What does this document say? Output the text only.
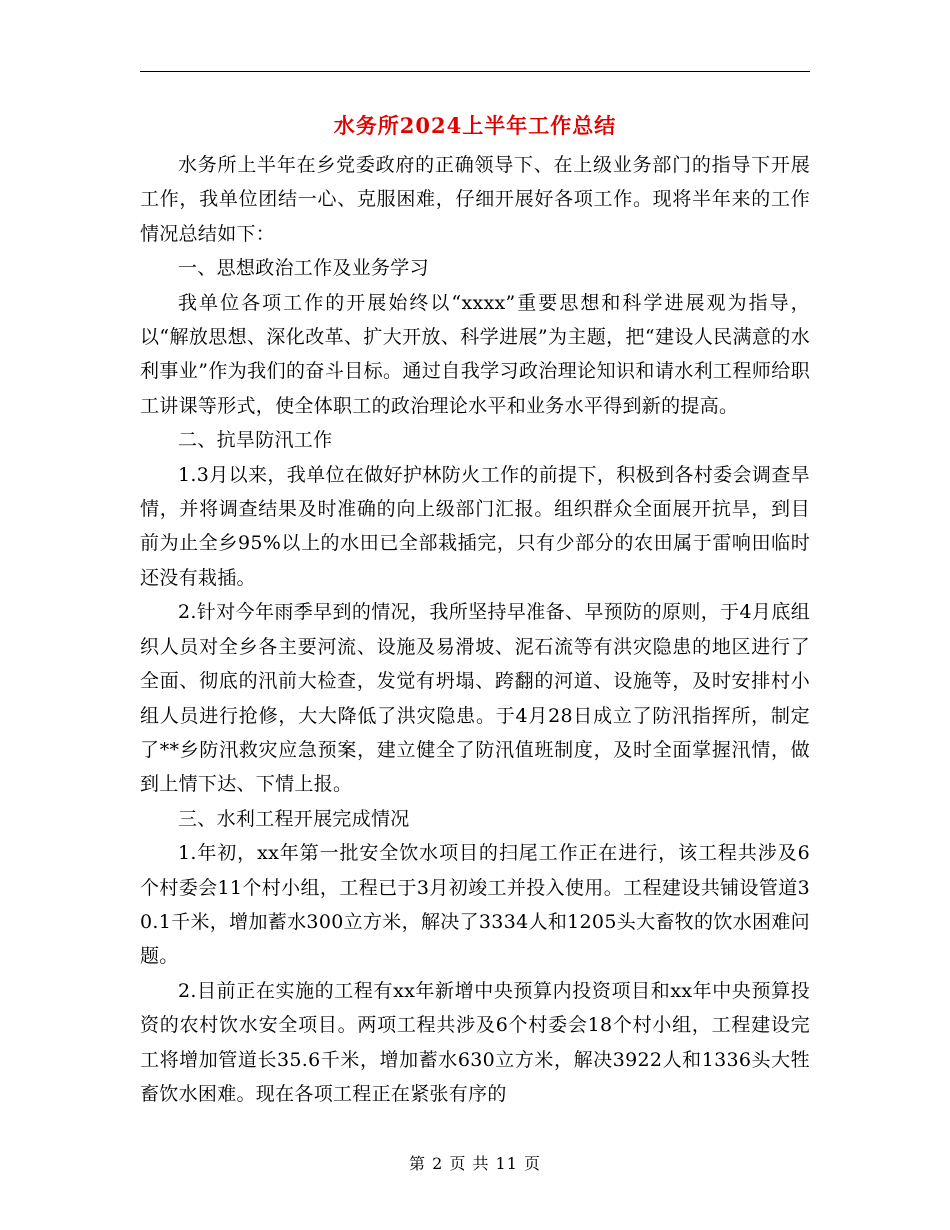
水务所2024上半年工作总结

水务所上半年在乡党委政府的正确领导下、在上级业务部门的指导下开展工作，我单位团结一心、克服困难，仔细开展好各项工作。现将半年来的工作情况总结如下：

一、思想政治工作及业务学习

我单位各项工作的开展始终以“xxxx”重要思想和科学进展观为指导，以“解放思想、深化改革、扩大开放、科学进展”为主题，把“建设人民满意的水利事业”作为我们的奋斗目标。通过自我学习政治理论知识和请水利工程师给职工讲课等形式，使全体职工的政治理论水平和业务水平得到新的提高。

二、抗旱防汛工作

1.3月以来，我单位在做好护林防火工作的前提下，积极到各村委会调查旱情，并将调查结果及时准确的向上级部门汇报。组织群众全面展开抗旱，到目前为止全乡95%以上的水田已全部栽插完，只有少部分的农田属于雷响田临时还没有栽插。

2.针对今年雨季早到的情况，我所坚持早准备、早预防的原则，于4月底组织人员对全乡各主要河流、设施及易滑坡、泥石流等有洪灾隐患的地区进行了全面、彻底的汛前大检查，发觉有坍塌、跨翻的河道、设施等，及时安排村小组人员进行抢修，大大降低了洪灾隐患。于4月28日成立了防汛指挥所，制定了**乡防汛救灾应急预案，建立健全了防汛值班制度，及时全面掌握汛情，做到上情下达、下情上报。

三、水利工程开展完成情况

1.年初，xx年第一批安全饮水项目的扫尾工作正在进行，该工程共涉及6个村委会11个村小组，工程已于3月初竣工并投入使用。工程建设共铺设管道30.1千米，增加蓄水300立方米，解决了3334人和1205头大畜牧的饮水困难问题。

2.目前正在实施的工程有xx年新增中央预算内投资项目和xx年中央预算投资的农村饮水安全项目。两项工程共涉及6个村委会18个村小组，工程建设完工将增加管道长35.6千米，增加蓄水630立方米，解决3922人和1336头大牲畜饮水困难。现在各项工程正在紧张有序的

第 2 页 共 11 页
